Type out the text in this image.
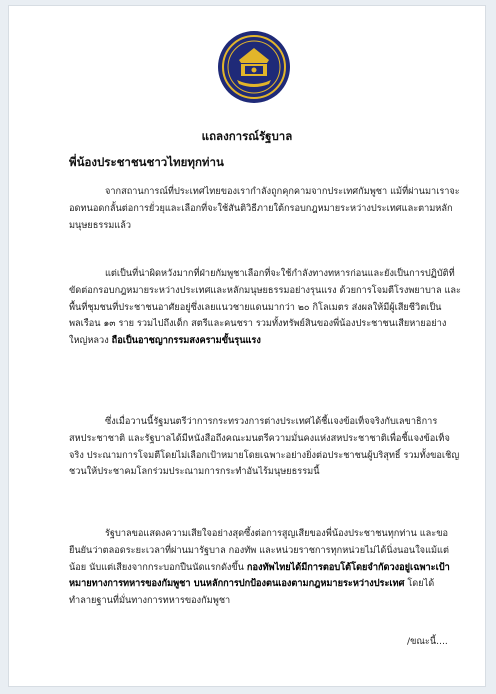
แถลงการณ์รัฐบาล
พี่น้องประชาชนชาวไทยทุกท่าน

จากสถานการณ์ที่ประเทศไทยของเรากำลังถูกคุกคามจากประเทศกัมพูชา แม้ที่ผ่านมาเราจะอดทนอดกลั้นต่อการยั่วยุและเลือกที่จะใช้สันติวิธีภายใต้กรอบกฎหมายระหว่างประเทศและตามหลักมนุษยธรรมแล้ว

แต่เป็นที่น่าผิดหวังมากที่ฝ่ายกัมพูชาเลือกที่จะใช้กำลังทางทหารก่อนและยังเป็นการปฏิบัติที่ขัดต่อกรอบกฎหมายระหว่างประเทศและหลักมนุษยธรรมอย่างรุนแรง ด้วยการโจมตีโรงพยาบาล และพื้นที่ชุมชนที่ประชาชนอาศัยอยู่ซึ่งเลยแนวชายแดนมากว่า ๒๐ กิโลเมตร ส่งผลให้มีผู้เสียชีวิตเป็นพลเรือน ๑๓ ราย รวมไปถึงเด็ก สตรีและคนชรา รวมทั้งทรัพย์สินของพี่น้องประชาชนเสียหายอย่างใหญ่หลวง ถือเป็นอาชญากรรมสงครามขั้นรุนแรง

ซึ่งเมื่อวานนี้รัฐมนตรีว่าการกระทรวงการต่างประเทศได้ชี้แจงข้อเท็จจริงกับเลขาธิการสหประชาชาติ และรัฐบาลได้มีหนังสือถึงคณะมนตรีความมั่นคงแห่งสหประชาชาติเพื่อชี้แจงข้อเท็จจริง ประณามการโจมตีโดยไม่เลือกเป้าหมายโดยเฉพาะอย่างยิ่งต่อประชาชนผู้บริสุทธิ์ รวมทั้งขอเชิญชวนให้ประชาคมโลกร่วมประณามการกระทำอันไร้มนุษยธรรมนี้

รัฐบาลขอแสดงความเสียใจอย่างสุดซึ้งต่อการสูญเสียของพี่น้องประชาชนทุกท่าน และขอยืนยันว่าตลอดระยะเวลาที่ผ่านมารัฐบาล กองทัพ และหน่วยราชการทุกหน่วยไม่ได้นิ่งนอนใจแม้แต่น้อย นับแต่เสียงจากกระบอกปืนนัดแรกดังขึ้น กองทัพไทยได้มีการตอบโต้โดยจำกัดวงอยู่เฉพาะเป้าหมายทางการทหารของกัมพูชา บนหลักการปกป้องตนเองตามกฎหมายระหว่างประเทศ โดยได้ทำลายฐานที่มั่นทางการทหารของกัมพูชา

/ขณะนี้....
